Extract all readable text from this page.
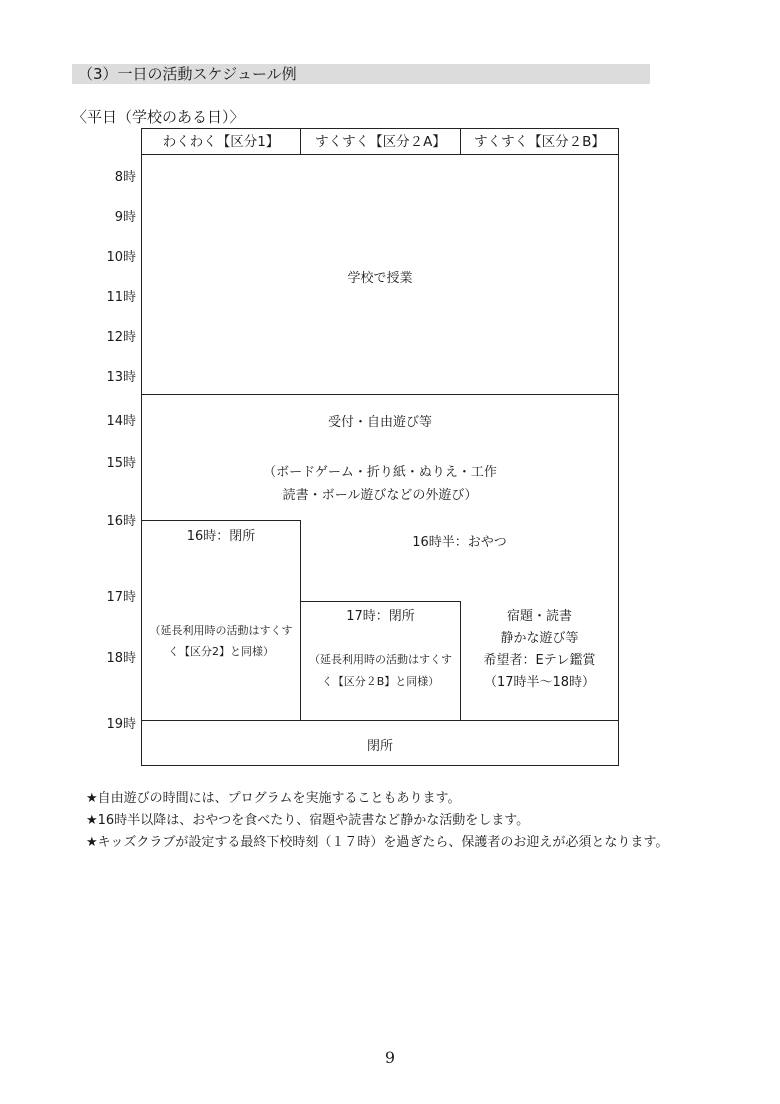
（3）一日の活動スケジュール例
〈平日（学校のある日）〉
8時
9時
10時
11時
12時
13時
14時
15時
16時
17時
18時
19時
わくわく【区分1】	すくすく【区分２A】	すくすく【区分２B】
学校で授業
受付・自由遊び等
（ボードゲーム・折り紙・ぬりえ・工作
読書・ボール遊びなどの外遊び）
16時半：おやつ
16時：閉所
（延長利用時の活動はすくす
く【区分2】と同様）
17時：閉所
（延長利用時の活動はすくす
く【区分２B】と同様）
宿題・読書
静かな遊び等
希望者：Eテレ鑑賞
（17時半～18時）
閉所
★自由遊びの時間には、プログラムを実施することもあります。
★16時半以降は、おやつを食べたり、宿題や読書など静かな活動をします。
★キッズクラブが設定する最終下校時刻（１７時）を過ぎたら、保護者のお迎えが必須となります。
9
